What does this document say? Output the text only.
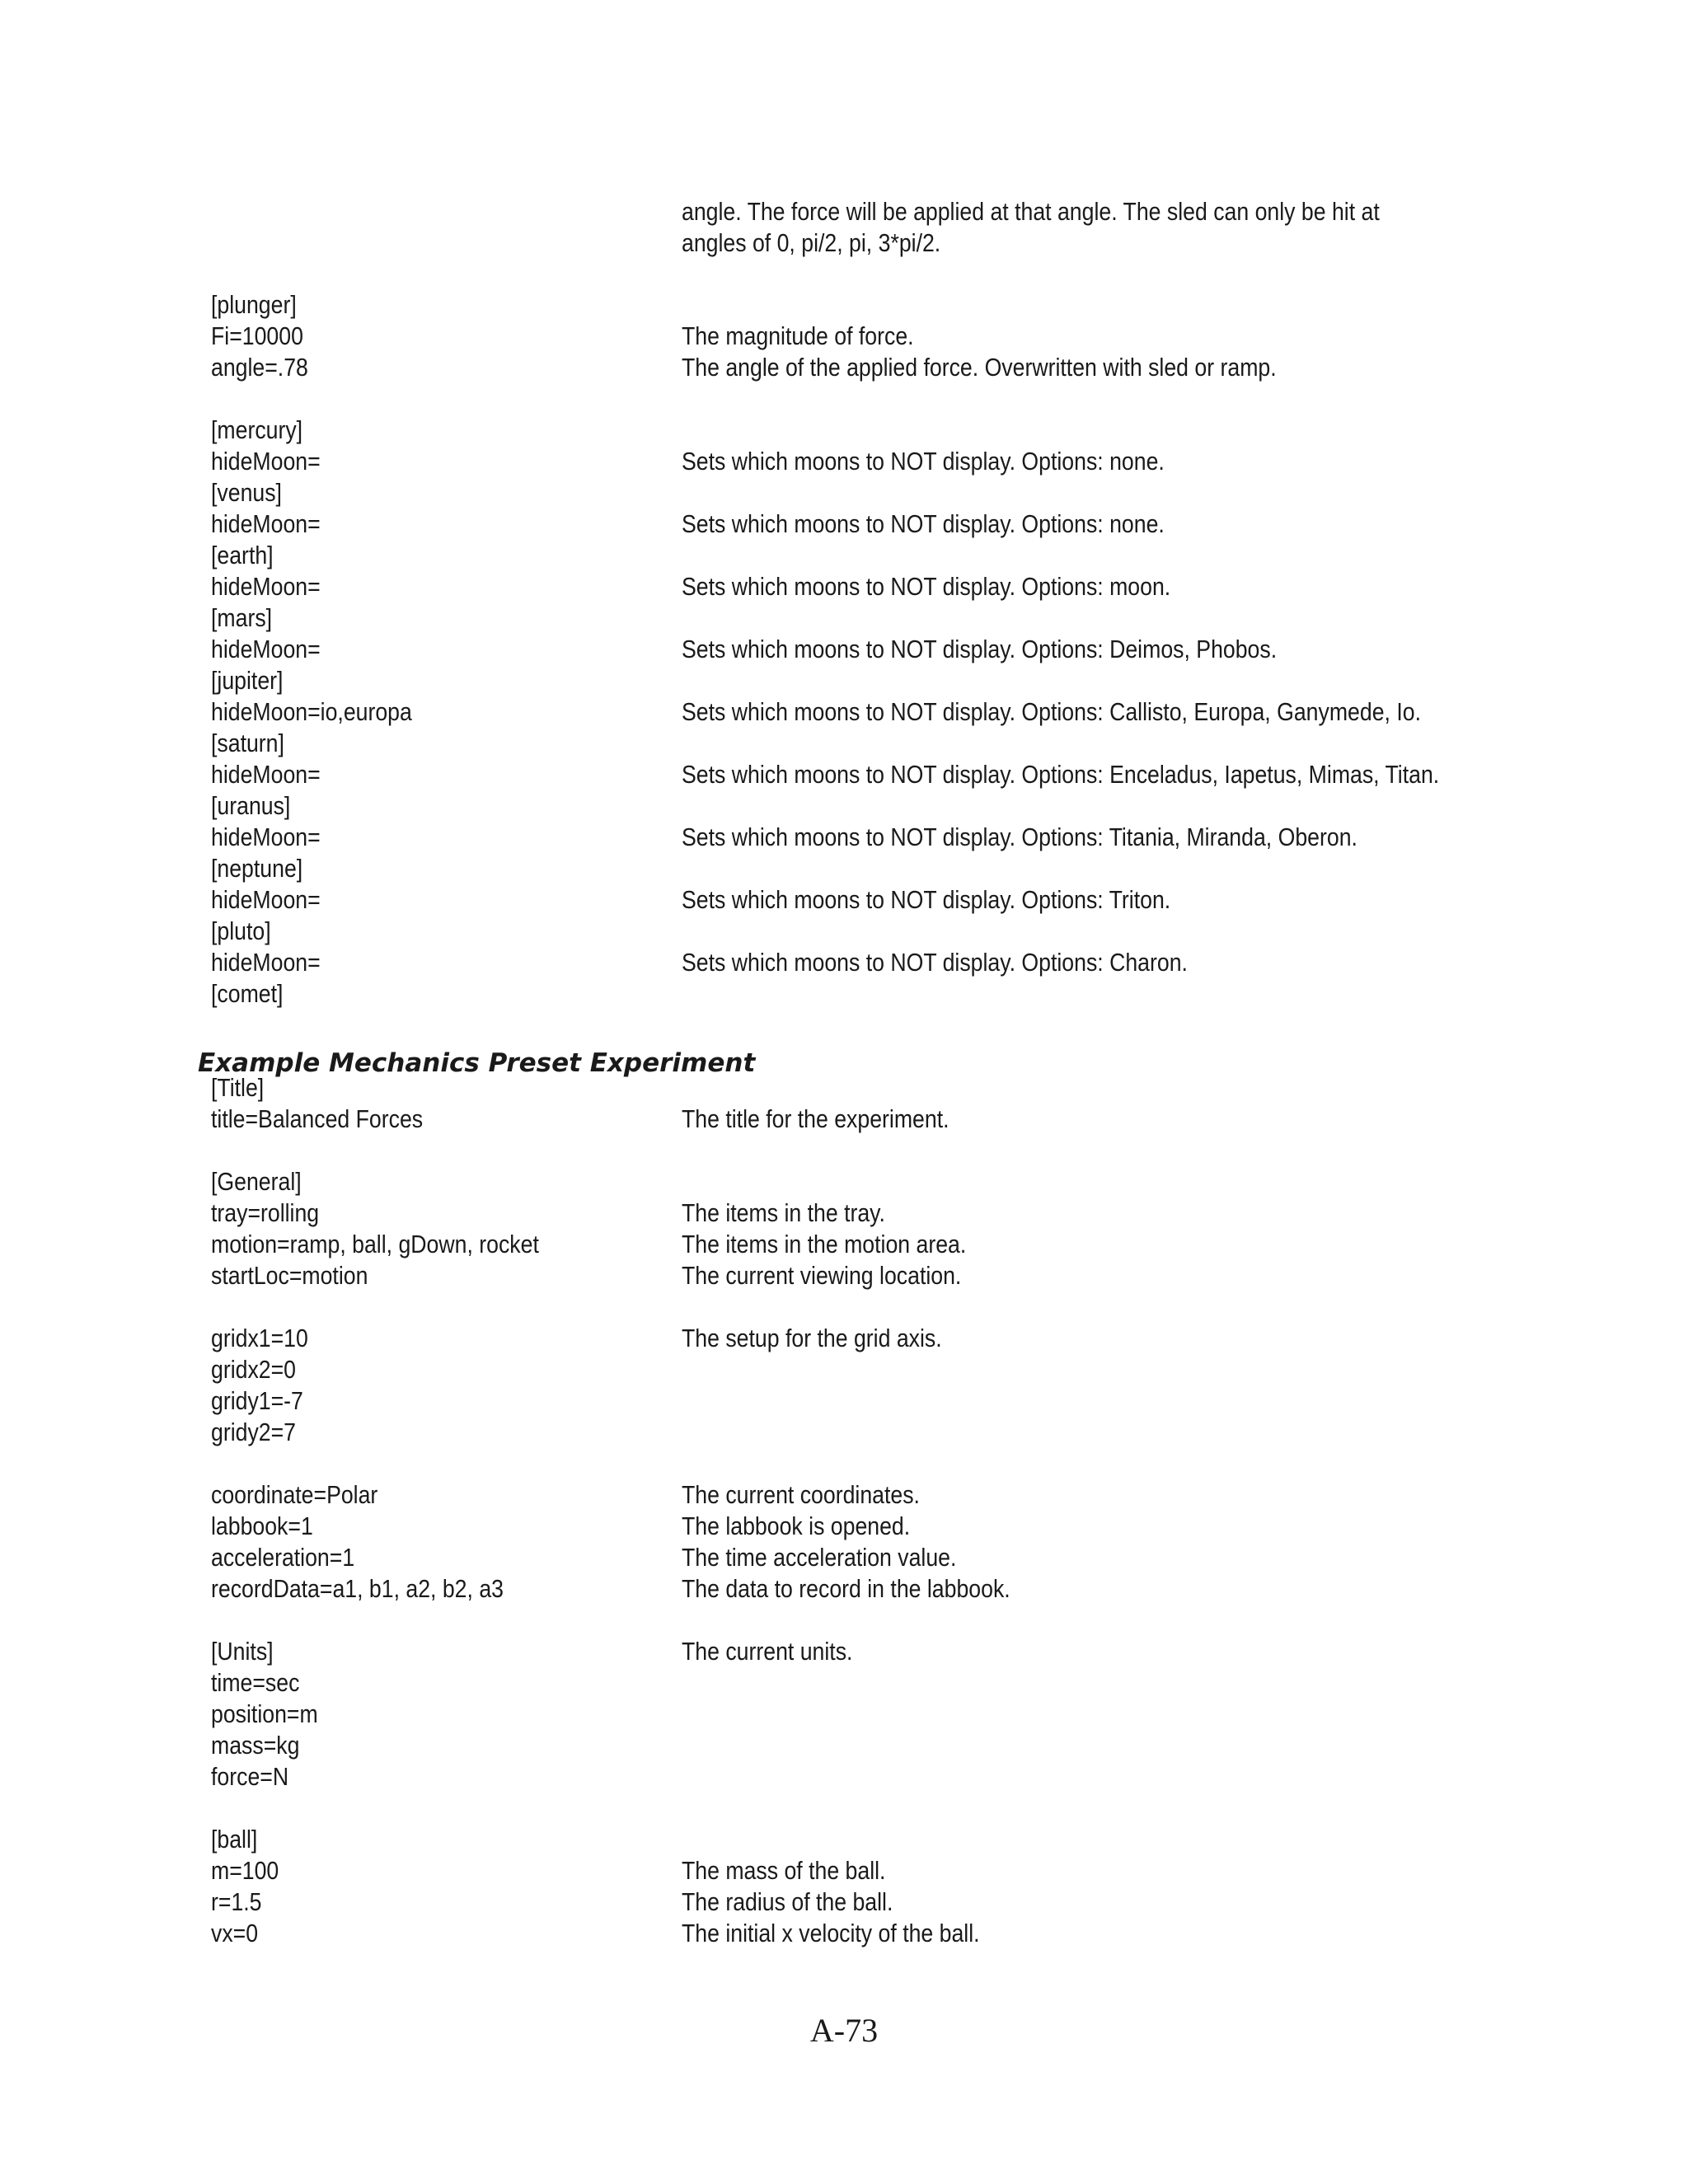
angle. The force will be applied at that angle. The sled can only be hit at
angles of 0, pi/2, pi, 3*pi/2.
[plunger]
Fi=10000	The magnitude of force.
angle=.78	The angle of the applied force. Overwritten with sled or ramp.
[mercury]
hideMoon=	Sets which moons to NOT display. Options: none.
[venus]
hideMoon=	Sets which moons to NOT display. Options: none.
[earth]
hideMoon=	Sets which moons to NOT display. Options: moon.
[mars]
hideMoon=	Sets which moons to NOT display. Options: Deimos, Phobos.
[jupiter]
hideMoon=io,europa	Sets which moons to NOT display. Options: Callisto, Europa, Ganymede, Io.
[saturn]
hideMoon=	Sets which moons to NOT display. Options: Enceladus, Iapetus, Mimas, Titan.
[uranus]
hideMoon=	Sets which moons to NOT display. Options: Titania, Miranda, Oberon.
[neptune]
hideMoon=	Sets which moons to NOT display. Options: Triton.
[pluto]
hideMoon=	Sets which moons to NOT display. Options: Charon.
[comet]
Example Mechanics Preset Experiment
[Title]
title=Balanced Forces	The title for the experiment.
[General]
tray=rolling	The items in the tray.
motion=ramp, ball, gDown, rocket	The items in the motion area.
startLoc=motion	The current viewing location.
gridx1=10	The setup for the grid axis.
gridx2=0
gridy1=-7
gridy2=7
coordinate=Polar	The current coordinates.
labbook=1	The labbook is opened.
acceleration=1	The time acceleration value.
recordData=a1, b1, a2, b2, a3	The data to record in the labbook.
[Units]	The current units.
time=sec
position=m
mass=kg
force=N
[ball]
m=100	The mass of the ball.
r=1.5	The radius of the ball.
vx=0	The initial x velocity of the ball.
A-73
